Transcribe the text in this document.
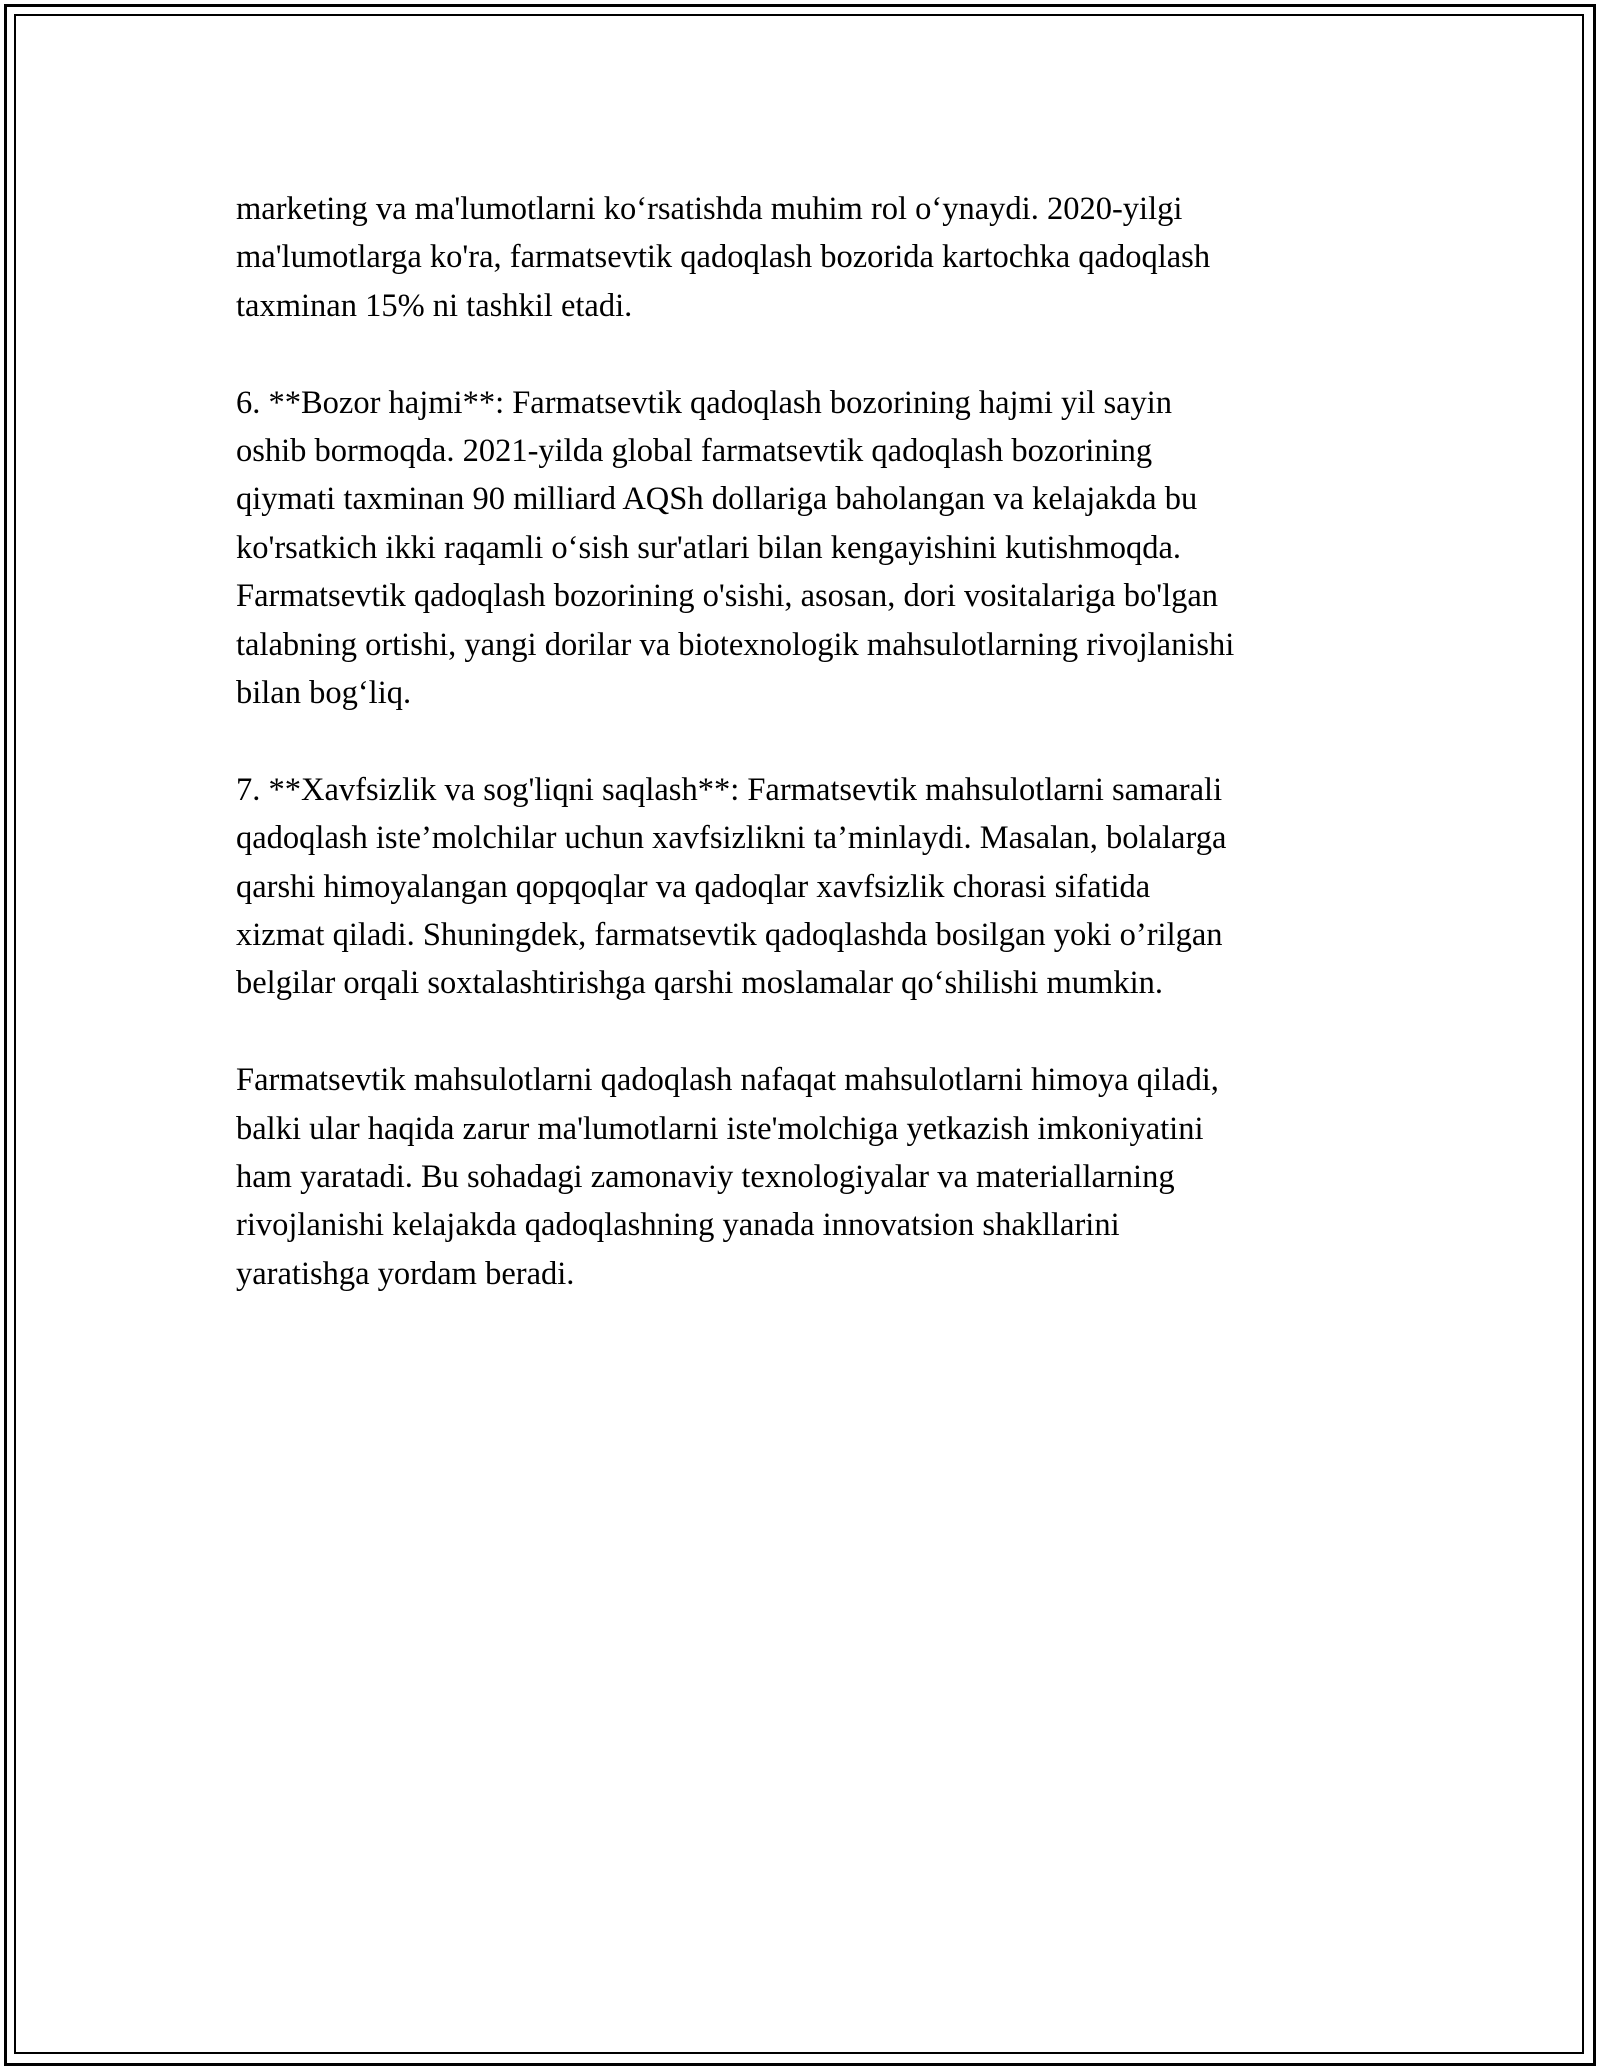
marketing va ma'lumotlarni ko‘rsatishda muhim rol o‘ynaydi. 2020-yilgi
ma'lumotlarga ko'ra, farmatsevtik qadoqlash bozorida kartochka qadoqlash
taxminan 15% ni tashkil etadi.
6. **Bozor hajmi**: Farmatsevtik qadoqlash bozorining hajmi yil sayin
oshib bormoqda. 2021-yilda global farmatsevtik qadoqlash bozorining
qiymati taxminan 90 milliard AQSh dollariga baholangan va kelajakda bu
ko'rsatkich ikki raqamli o‘sish sur'atlari bilan kengayishini kutishmoqda.
Farmatsevtik qadoqlash bozorining o'sishi, asosan, dori vositalariga bo'lgan
talabning ortishi, yangi dorilar va biotexnologik mahsulotlarning rivojlanishi
bilan bog‘liq.
7. **Xavfsizlik va sog'liqni saqlash**: Farmatsevtik mahsulotlarni samarali
qadoqlash iste’molchilar uchun xavfsizlikni ta’minlaydi. Masalan, bolalarga
qarshi himoyalangan qopqoqlar va qadoqlar xavfsizlik chorasi sifatida
xizmat qiladi. Shuningdek, farmatsevtik qadoqlashda bosilgan yoki o’rilgan
belgilar orqali soxtalashtirishga qarshi moslamalar qo‘shilishi mumkin.
Farmatsevtik mahsulotlarni qadoqlash nafaqat mahsulotlarni himoya qiladi,
balki ular haqida zarur ma'lumotlarni iste'molchiga yetkazish imkoniyatini
ham yaratadi. Bu sohadagi zamonaviy texnologiyalar va materiallarning
rivojlanishi kelajakda qadoqlashning yanada innovatsion shakllarini
yaratishga yordam beradi.
